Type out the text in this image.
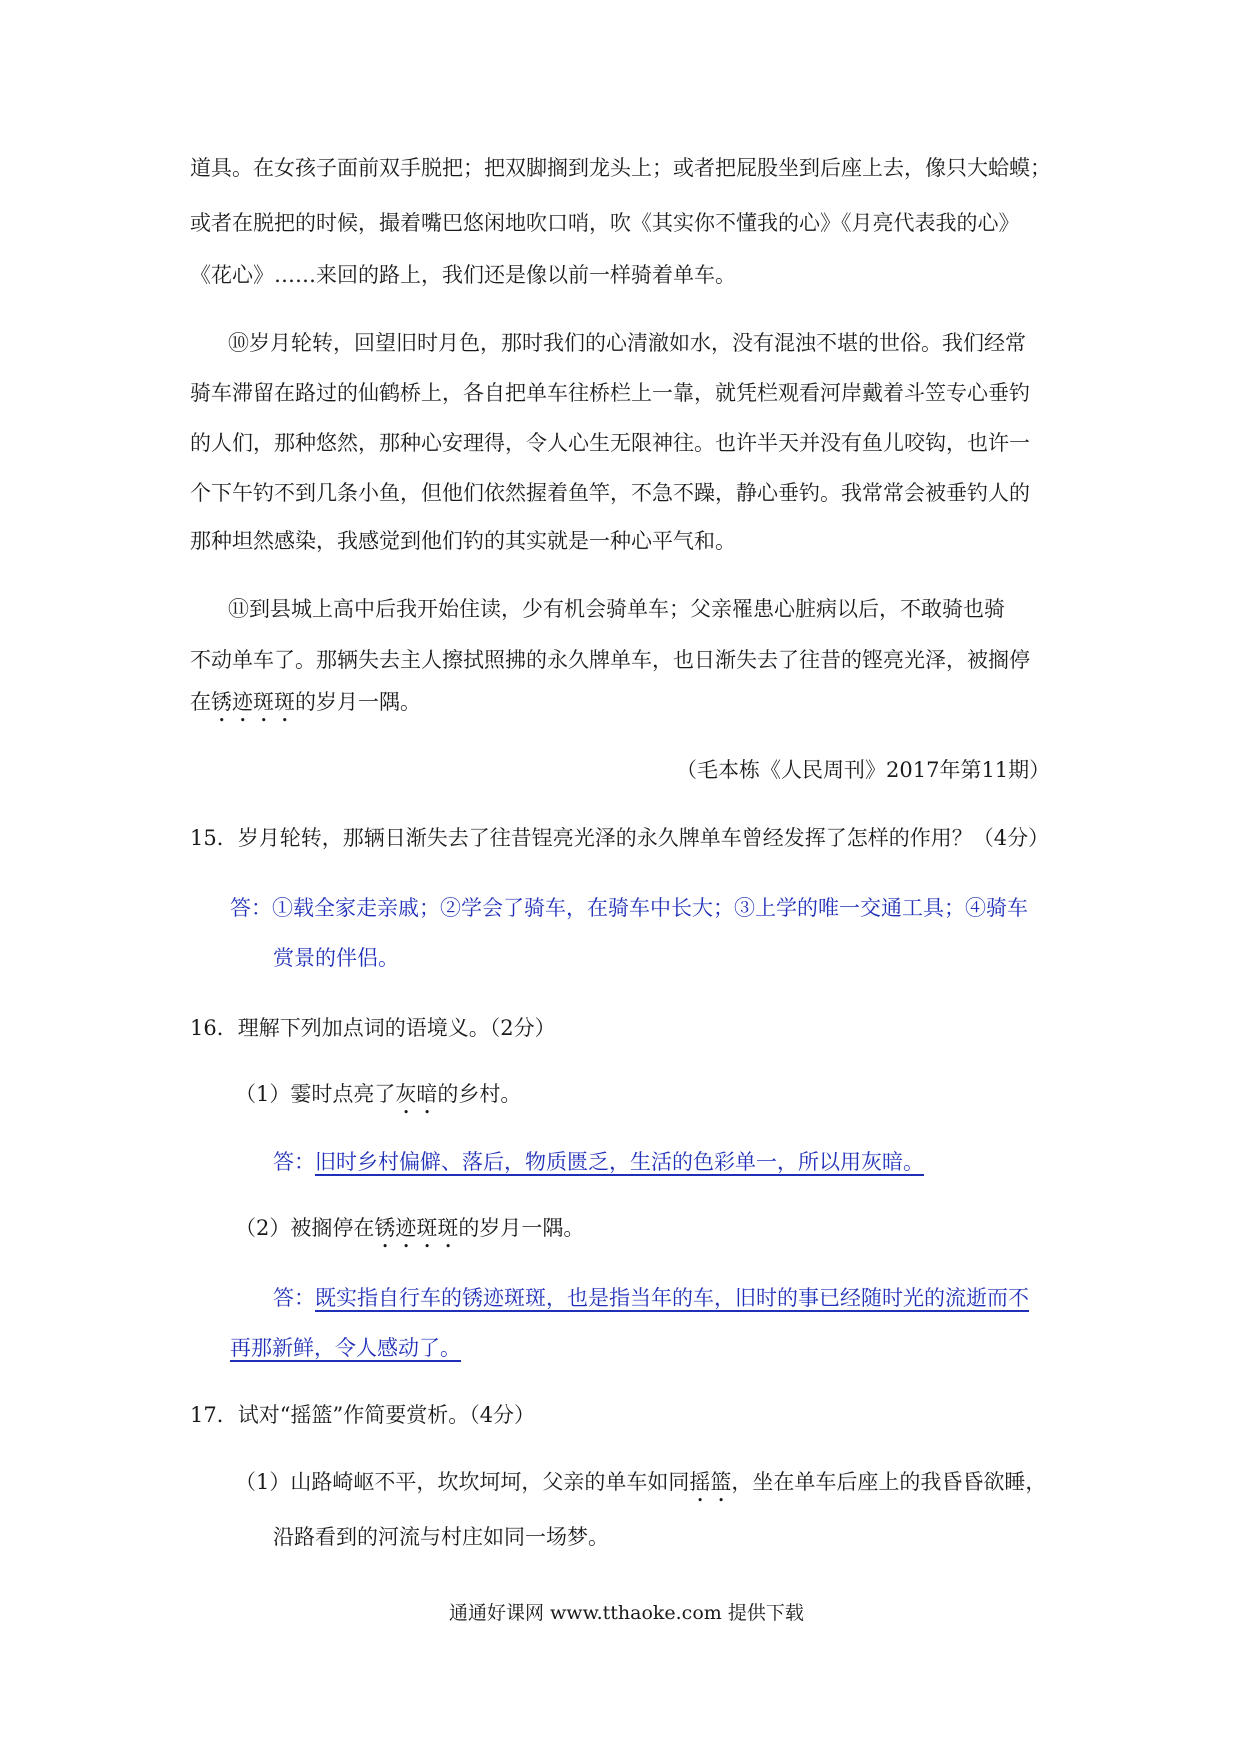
道具。在女孩子面前双手脱把；把双脚搁到龙头上；或者把屁股坐到后座上去，像只大蛤蟆；
或者在脱把的时候，撮着嘴巴悠闲地吹口哨，吹《其实你不懂我的心》《月亮代表我的心》
《花心》……来回的路上，我们还是像以前一样骑着单车。
⑩岁月轮转，回望旧时月色，那时我们的心清澈如水，没有混浊不堪的世俗。我们经常
骑车滞留在路过的仙鹤桥上，各自把单车往桥栏上一靠，就凭栏观看河岸戴着斗笠专心垂钓
的人们，那种悠然，那种心安理得，令人心生无限神往。也许半天并没有鱼儿咬钩，也许一
个下午钓不到几条小鱼，但他们依然握着鱼竿，不急不躁，静心垂钓。我常常会被垂钓人的
那种坦然感染，我感觉到他们钓的其实就是一种心平气和。
⑪到县城上高中后我开始住读，少有机会骑单车；父亲罹患心脏病以后，不敢骑也骑
不动单车了。那辆失去主人擦拭照拂的永久牌单车，也日渐失去了往昔的铿亮光泽，被搁停
在锈迹斑斑的岁月一隅。
（毛本栋《人民周刊》2017年第11期）
15．岁月轮转，那辆日渐失去了往昔锃亮光泽的永久牌单车曾经发挥了怎样的作用？（4分）
答：①载全家走亲戚；②学会了骑车，在骑车中长大；③上学的唯一交通工具；④骑车
赏景的伴侣。
16．理解下列加点词的语境义。（2分）
（1）霎时点亮了灰暗的乡村。
答：旧时乡村偏僻、落后，物质匮乏，生活的色彩单一，所以用灰暗。
（2）被搁停在锈迹斑斑的岁月一隅。
答：既实指自行车的锈迹斑斑，也是指当年的车，旧时的事已经随时光的流逝而不
再那新鲜，令人感动了。
17．试对“摇篮”作简要赏析。（4分）
（1）山路崎岖不平，坎坎坷坷，父亲的单车如同摇篮，坐在单车后座上的我昏昏欲睡，
沿路看到的河流与村庄如同一场梦。
通通好课网 www.tthaoke.com 提供下载
